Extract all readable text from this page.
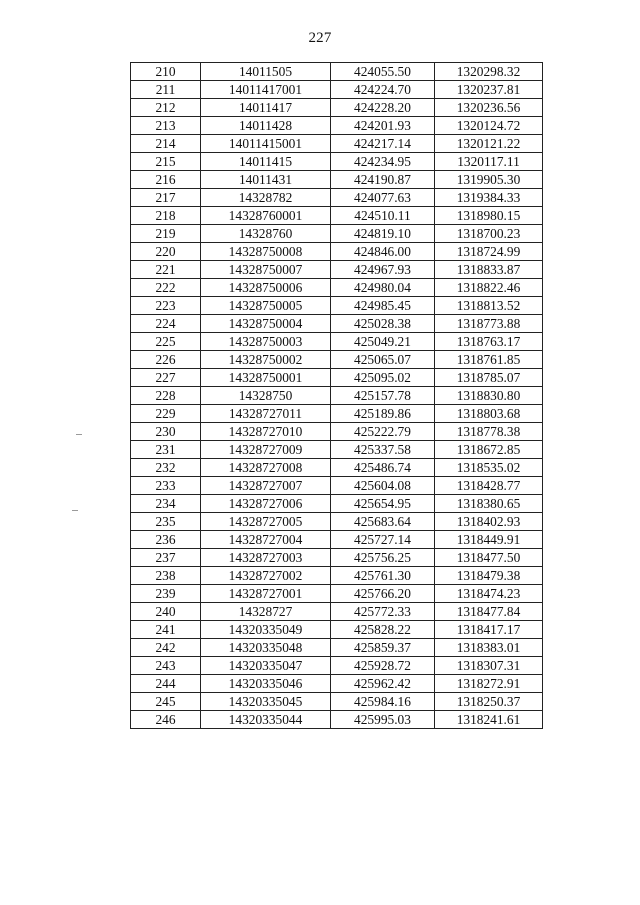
227
210	14011505	424055.50	1320298.32
211	14011417001	424224.70	1320237.81
212	14011417	424228.20	1320236.56
213	14011428	424201.93	1320124.72
214	14011415001	424217.14	1320121.22
215	14011415	424234.95	1320117.11
216	14011431	424190.87	1319905.30
217	14328782	424077.63	1319384.33
218	14328760001	424510.11	1318980.15
219	14328760	424819.10	1318700.23
220	14328750008	424846.00	1318724.99
221	14328750007	424967.93	1318833.87
222	14328750006	424980.04	1318822.46
223	14328750005	424985.45	1318813.52
224	14328750004	425028.38	1318773.88
225	14328750003	425049.21	1318763.17
226	14328750002	425065.07	1318761.85
227	14328750001	425095.02	1318785.07
228	14328750	425157.78	1318830.80
229	14328727011	425189.86	1318803.68
230	14328727010	425222.79	1318778.38
231	14328727009	425337.58	1318672.85
232	14328727008	425486.74	1318535.02
233	14328727007	425604.08	1318428.77
234	14328727006	425654.95	1318380.65
235	14328727005	425683.64	1318402.93
236	14328727004	425727.14	1318449.91
237	14328727003	425756.25	1318477.50
238	14328727002	425761.30	1318479.38
239	14328727001	425766.20	1318474.23
240	14328727	425772.33	1318477.84
241	14320335049	425828.22	1318417.17
242	14320335048	425859.37	1318383.01
243	14320335047	425928.72	1318307.31
244	14320335046	425962.42	1318272.91
245	14320335045	425984.16	1318250.37
246	14320335044	425995.03	1318241.61
